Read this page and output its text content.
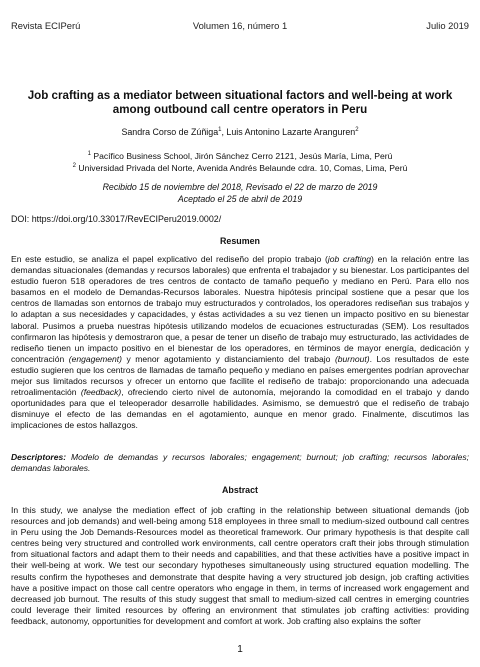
Revista ECIPerú	Volumen 16, número 1	Julio 2019
Job crafting as a mediator between situational factors and well-being at work among outbound call centre operators in Peru
Sandra Corso de Zúñiga$^1$, Luis Antonino Lazarte Aranguren$^2$
$^1$ Pacífico Business School, Jirón Sánchez Cerro 2121, Jesús María, Lima, Perú
$^2$ Universidad Privada del Norte, Avenida Andrés Belaunde cdra. 10, Comas, Lima, Perú
Recibido 15 de noviembre del 2018, Revisado el 22 de marzo de 2019
Aceptado el 25 de abril de 2019
DOI: https://doi.org/10.33017/RevECIPeru2019.0002/
Resumen
En este estudio, se analiza el papel explicativo del rediseño del propio trabajo (job crafting) en la relación entre las demandas situacionales (demandas y recursos laborales) que enfrenta el trabajador y su bienestar. Los participantes del estudio fueron 518 operadores de tres centros de contacto de tamaño pequeño y mediano en Perú. Para ello nos basamos en el modelo de Demandas-Recursos laborales. Nuestra hipótesis principal sostiene que a pesar que los centros de llamadas son entornos de trabajo muy estructurados y controlados, los operadores rediseñan sus trabajos y lo adaptan a sus necesidades y capacidades, y éstas actividades a su vez tienen un impacto positivo en su bienestar laboral. Pusimos a prueba nuestras hipótesis utilizando modelos de ecuaciones estructuradas (SEM). Los resultados confirmaron las hipótesis y demostraron que, a pesar de tener un diseño de trabajo muy estructurado, las actividades de rediseño tienen un impacto positivo en el bienestar de los operadores, en términos de mayor energía, dedicación y concentración (engagement) y menor agotamiento y distanciamiento del trabajo (burnout). Los resultados de este estudio sugieren que los centros de llamadas de tamaño pequeño y mediano en países emergentes podrían aprovechar mejor sus limitados recursos y ofrecer un entorno que facilite el rediseño de trabajo: proporcionando una adecuada retroalimentación (feedback), ofreciendo cierto nivel de autonomía, mejorando la comodidad en el trabajo y dando oportunidades para que el teleoperador desarrolle habilidades. Asimismo, se demuestró que el rediseño de trabajo disminuye el efecto de las demandas en el agotamiento, aunque en menor grado. Finalmente, discutimos las implicaciones de estos hallazgos.
Descriptores: Modelo de demandas y recursos laborales; engagement; burnout; job crafting; recursos laborales; demandas laborales.
Abstract
In this study, we analyse the mediation effect of job crafting in the relationship between situational demands (job resources and job demands) and well-being among 518 employees in three small to medium-sized outbound call centres in Peru using the Job Demands-Resources model as theoretical framework. Our primary hypothesis is that despite call centres being very structured and controlled work environments, call centre operators craft their jobs through stimulation from situational factors and adapt them to their needs and capabilities, and that these activities have a positive impact in their well-being at work. We test our secondary hypotheses simultaneously using structured equation modelling. The results confirm the hypotheses and demonstrate that despite having a very structured job design, job crafting activities have a positive impact on those call centre operators who engage in them, in terms of increased work engagement and decreased job burnout. The results of this study suggest that small to medium-sized call centres in emerging countries could leverage their limited resources by offering an environment that stimulates job crafting activities: providing feedback, autonomy, opportunities for development and comfort at work. Job crafting also explains the softer
1
